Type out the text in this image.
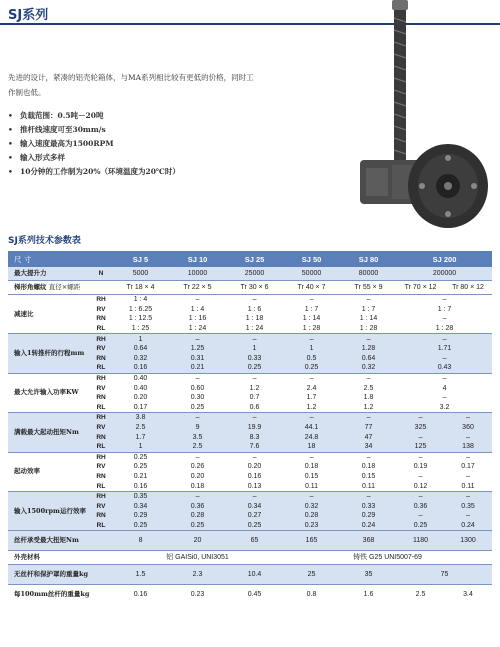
SJ系列
先进的设计，紧凑的铝壳轮箱体，与MA系列相比较有更低的价格，同时工作制也低。
• 负载范围：0.5吨－20吨
• 推杆线速度可至30mm/s
• 输入速度最高为1500RPM
• 输入形式多样
• 10分钟的工作制为20%（环境温度为20℃时）
SJ系列技术参数表
尺 寸		SJ 5	SJ 10	SJ 25	SJ 50	SJ 80	SJ 200	
最大提升力	N	5000	10000	25000	50000	80000	200000	
梯形角螺纹 直径×螺距		Tr 18 × 4	Tr 22 × 5	Tr 30 × 6	Tr 40 × 7	Tr 55 × 9	Tr 70 × 12	Tr 80 × 12
减速比	RH	1 : 4	–	–	–	–	–	
	RV	1 : 6.25	1 : 4	1 : 6	1 : 7	1 : 7	1 : 7	
	RN	1 : 12.5	1 : 16	1 : 18	1 : 14	1 : 14	–	
	RL	1 : 25	1 : 24	1 : 24	1 : 28	1 : 28	1 : 28	
输入1转推杆的行程mm	RH	1	–	–	–	–	–	
	RV	0.64	1.25	1	1	1.28	1.71	
	RN	0.32	0.31	0.33	0.5	0.64	–	
	RL	0.16	0.21	0.25	0.25	0.32	0.43	
最大允许输入功率KW	RH	0.40	–	–	–	–	–	
	RV	0.40	0.60	1.2	2.4	2.5	4	
	RN	0.20	0.30	0.7	1.7	1.8	–	
	RL	0.17	0.25	0.6	1.2	1.2	3.2	
满载最大起动扭矩Nm	RH	3.8	–	–	–	–	–	–
	RV	2.5	9	19.9	44.1	77	325	360
	RN	1.7	3.5	8.3	24.8	47	–	–
	RL	1	2.5	7.6	18	34	125	138
起动效率	RH	0.25	–	–	–	–	–	–
	RV	0.25	0.26	0.20	0.18	0.18	0.19	0.17
	RN	0.21	0.20	0.16	0.15	0.15	–	–
	RL	0.16	0.18	0.13	0.11	0.11	0.12	0.11
输入1500rpm运行效率	RH	0.35	–	–	–	–	–	–
	RV	0.34	0.36	0.34	0.32	0.33	0.36	0.35
	RN	0.29	0.28	0.27	0.28	0.29	–	–
	RL	0.25	0.25	0.25	0.23	0.24	0.25	0.24
丝杆承受最大扭矩Nm		8	20	65	165	368	1180	1300
外壳材料		铝 GAISi0, UNI3051			铸铁 G25 UNI5007-69			
无丝杆和保护罩的重量kg		1.5	2.3	10.4	25	35	75	
每100mm丝杆的重量kg		0.16	0.23	0.45	0.8	1.6	2.5	3.4
